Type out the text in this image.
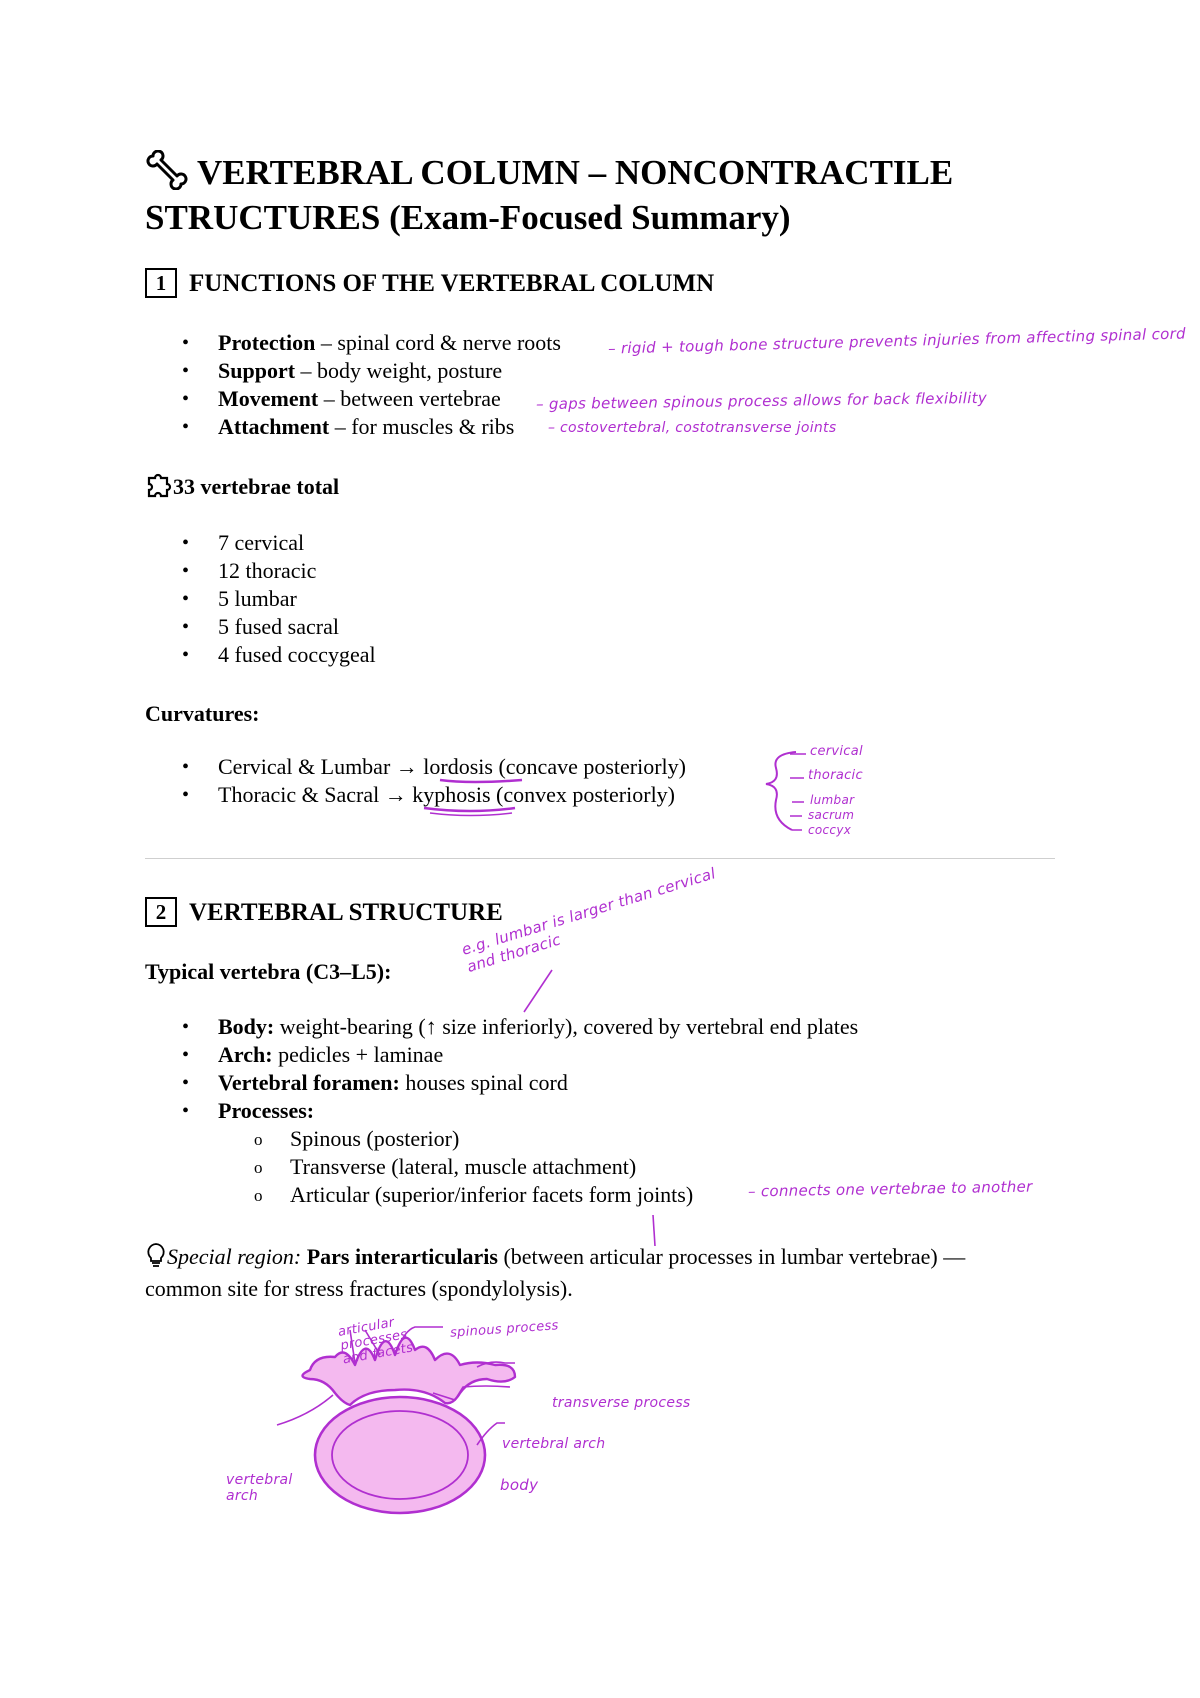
VERTEBRAL COLUMN – NONCONTRACTILE STRUCTURES (Exam-Focused Summary)
1 FUNCTIONS OF THE VERTEBRAL COLUMN
• Protection – spinal cord & nerve roots
• Support – body weight, posture
• Movement – between vertebrae
• Attachment – for muscles & ribs
– rigid + tough bone structure prevents injuries from affecting spinal cord
– gaps between spinous process allows for back flexibility
– costovertebral, costotransverse joints

33 vertebrae total

• 7 cervical
• 12 thoracic
• 5 lumbar
• 5 fused sacral
• 4 fused coccygeal

Curvatures:

• Cervical & Lumbar → lordosis (concave posteriorly)
• Thoracic & Sacral → kyphosis (convex posteriorly)
cervical
thoracic
lumbar
sacrum
coccyx
2 VERTEBRAL STRUCTURE

Typical vertebra (C3–L5):

e.g. lumbar is larger than cervical and thoracic
• Body: weight-bearing (↑ size inferiorly), covered by vertebral end plates
• Arch: pedicles + laminae
• Vertebral foramen: houses spinal cord
• Processes:
o Spinous (posterior)
o Transverse (lateral, muscle attachment)
o Articular (superior/inferior facets form joints)	– connects one vertebrae to another

Special region: Pars interarticularis (between articular processes in lumbar vertebrae) —
common site for stress fractures (spondylolysis).

articular processes and facets
spinous process
transverse process
vertebral arch
vertebral arch
body
